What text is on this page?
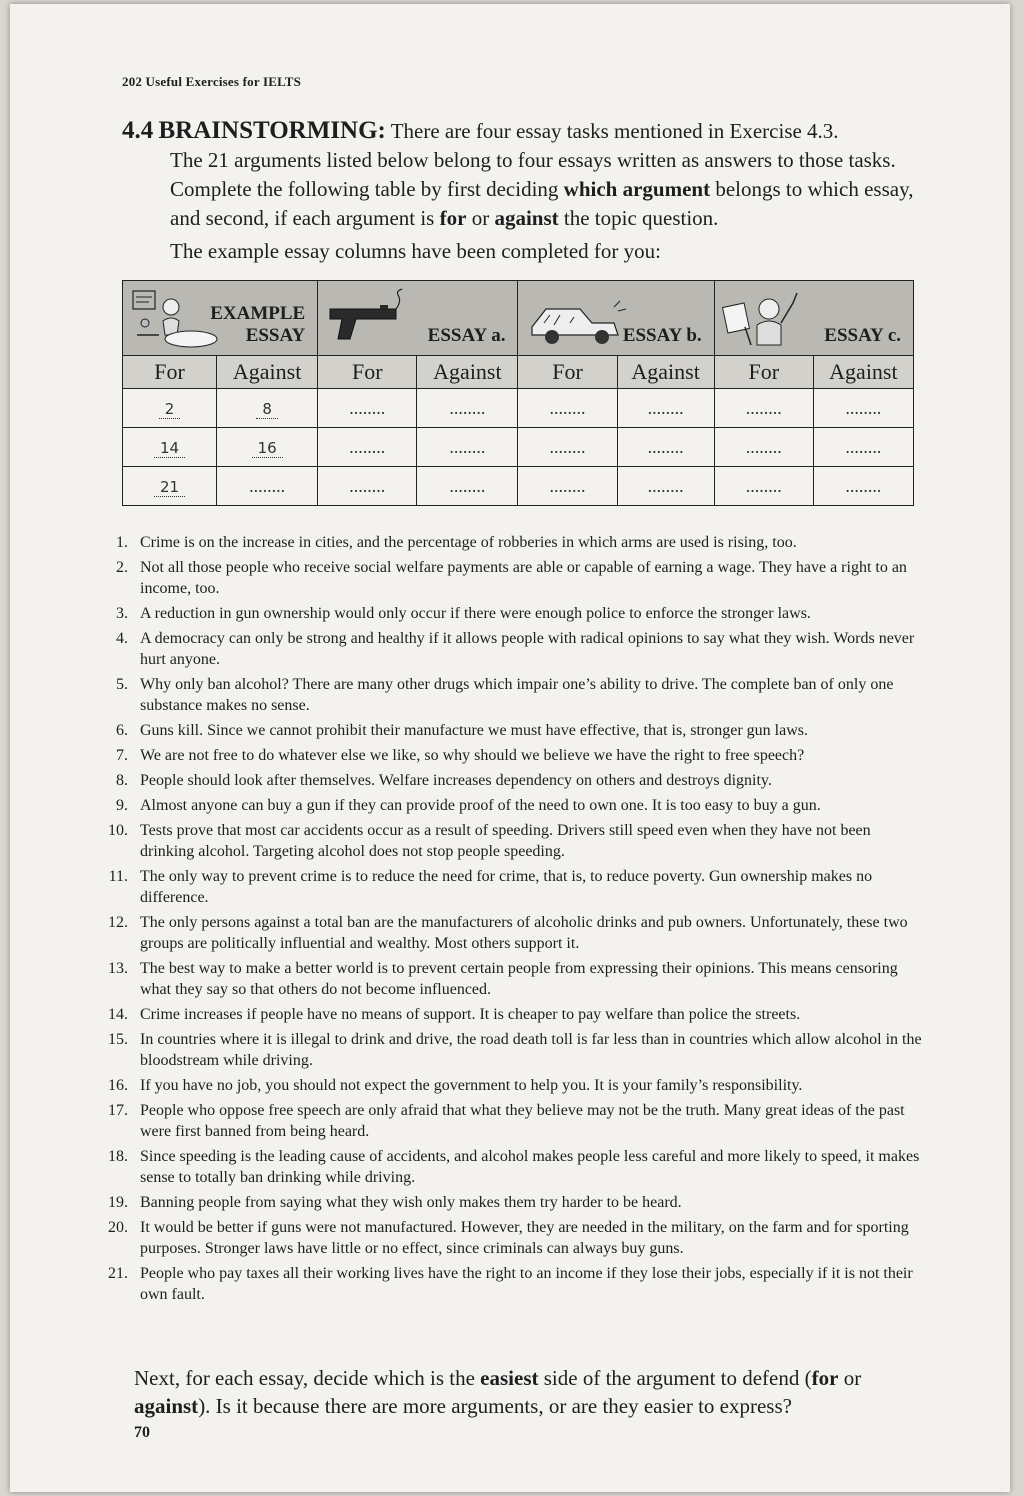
202 Useful Exercises for IELTS
4.4 BRAINSTORMING: There are four essay tasks mentioned in Exercise 4.3.
The 21 arguments listed below belong to four essays written as answers to those tasks. Complete the following table by first deciding which argument belongs to which essay, and second, if each argument is for or against the topic question.
The example essay columns have been completed for you:
EXAMPLE
ESSAY		ESSAY a.		ESSAY b.		ESSAY c.	

For	Against	For	Against	For	Against	For	Against
2	8	........	........	........	........	........	........
14	16	........	........	........	........	........	........
21	........	........	........	........	........	........	........
1. Crime is on the increase in cities, and the percentage of robberies in which arms are used is rising, too.
2. Not all those people who receive social welfare payments are able or capable of earning a wage. They have a right to an income, too.
3. A reduction in gun ownership would only occur if there were enough police to enforce the stronger laws.
4. A democracy can only be strong and healthy if it allows people with radical opinions to say what they wish. Words never hurt anyone.
5. Why only ban alcohol? There are many other drugs which impair one’s ability to drive. The complete ban of only one substance makes no sense.
6. Guns kill. Since we cannot prohibit their manufacture we must have effective, that is, stronger gun laws.
7. We are not free to do whatever else we like, so why should we believe we have the right to free speech?
8. People should look after themselves. Welfare increases dependency on others and destroys dignity.
9. Almost anyone can buy a gun if they can provide proof of the need to own one. It is too easy to buy a gun.
10. Tests prove that most car accidents occur as a result of speeding. Drivers still speed even when they have not been drinking alcohol. Targeting alcohol does not stop people speeding.
11. The only way to prevent crime is to reduce the need for crime, that is, to reduce poverty. Gun ownership makes no difference.
12. The only persons against a total ban are the manufacturers of alcoholic drinks and pub owners. Unfortunately, these two groups are politically influential and wealthy. Most others support it.
13. The best way to make a better world is to prevent certain people from expressing their opinions. This means censoring what they say so that others do not become influenced.
14. Crime increases if people have no means of support. It is cheaper to pay welfare than police the streets.
15. In countries where it is illegal to drink and drive, the road death toll is far less than in countries which allow alcohol in the bloodstream while driving.
16. If you have no job, you should not expect the government to help you. It is your family’s responsibility.
17. People who oppose free speech are only afraid that what they believe may not be the truth. Many great ideas of the past were first banned from being heard.
18. Since speeding is the leading cause of accidents, and alcohol makes people less careful and more likely to speed, it makes sense to totally ban drinking while driving.
19. Banning people from saying what they wish only makes them try harder to be heard.
20. It would be better if guns were not manufactured. However, they are needed in the military, on the farm and for sporting purposes. Stronger laws have little or no effect, since criminals can always buy guns.
21. People who pay taxes all their working lives have the right to an income if they lose their jobs, especially if it is not their own fault.
Next, for each essay, decide which is the easiest side of the argument to defend (for or against). Is it because there are more arguments, or are they easier to express?
70
